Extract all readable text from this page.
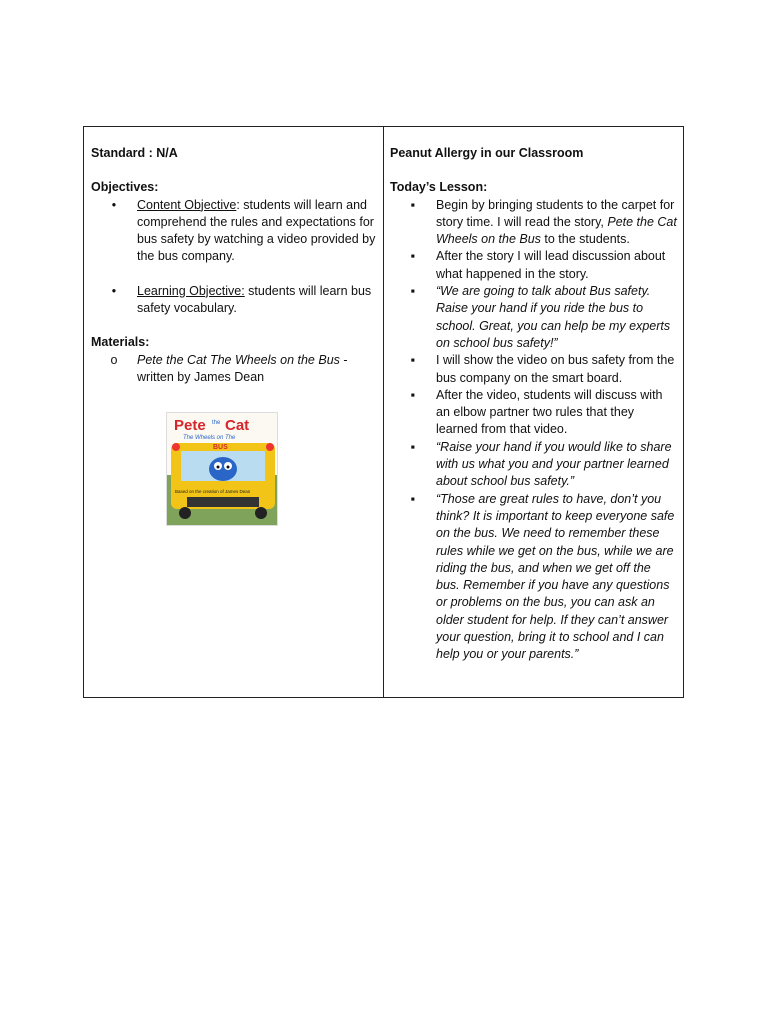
Standard : N/A
Objectives:
•	Content Objective: students will learn and comprehend the rules and expectations for bus safety by watching a video provided by the bus company.
•	Learning Objective: students will learn bus safety vocabulary.
Materials:
o	Pete the Cat The Wheels on the Bus - written by James Dean
Peanut Allergy in our Classroom
Today’s Lesson:
▪	Begin by bringing students to the carpet for story time. I will read the story, Pete the Cat Wheels on the Bus to the students.
▪	After the story I will lead discussion about what happened in the story.
▪	“We are going to talk about Bus safety. Raise your hand if you ride the bus to school. Great, you can help be my experts on school bus safety!”
▪	I will show the video on bus safety from the bus company on the smart board.
▪	After the video, students will discuss with an elbow partner two rules that they learned from that video.
▪	“Raise your hand if you would like to share with us what you and your partner learned about school bus safety.”
▪	“Those are great rules to have, don’t you think? It is important to keep everyone safe on the bus. We need to remember these rules while we get on the bus, while we are riding the bus, and when we get off the bus. Remember if you have any questions or problems on the bus, you can ask an older student for help. If they can’t answer your question, bring it to school and I can help you or your parents.”
Pete the Cat
The Wheels on The
BUS
Based on the creation of James Dean
